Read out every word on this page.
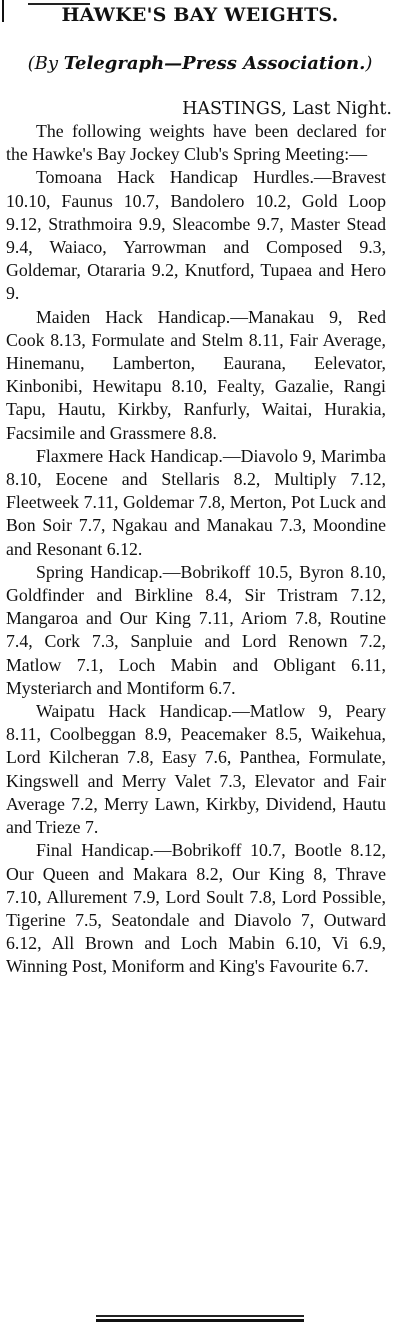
HAWKE'S BAY WEIGHTS.
(By Telegraph—Press Association.)
HASTINGS, Last Night.

The following weights have been declared for the Hawke's Bay Jockey Club's Spring Meeting:—

Tomoana Hack Handicap Hurdles.—Bravest 10.10, Faunus 10.7, Bandolero 10.2, Gold Loop 9.12, Strathmoira 9.9, Sleacombe 9.7, Master Stead 9.4, Waiaco, Yarrowman and Composed 9.3, Goldemar, Otararia 9.2, Knutford, Tupaea and Hero 9.

Maiden Hack Handicap.—Manakau 9, Red Cook 8.13, Formulate and Stelm 8.11, Fair Average, Hinemanu, Lamberton, Eaurana, Eelevator, Kinbonibi, Hewitapu 8.10, Fealty, Gazalie, Rangi Tapu, Hautu, Kirkby, Ranfurly, Waitai, Hurakia, Facsimile and Grassmere 8.8.

Flaxmere Hack Handicap.—Diavolo 9, Marimba 8.10, Eocene and Stellaris 8.2, Multiply 7.12, Fleetweek 7.11, Goldemar 7.8, Merton, Pot Luck and Bon Soir 7.7, Ngakau and Manakau 7.3, Moondine and Resonant 6.12.

Spring Handicap.—Bobrikoff 10.5, Byron 8.10, Goldfinder and Birkline 8.4, Sir Tristram 7.12, Mangaroa and Our King 7.11, Ariom 7.8, Routine 7.4, Cork 7.3, Sanpluie and Lord Renown 7.2, Matlow 7.1, Loch Mabin and Obligant 6.11, Mysteriarch and Montiform 6.7.

Waipatu Hack Handicap.—Matlow 9, Peary 8.11, Coolbeggan 8.9, Peacemaker 8.5, Waikehua, Lord Kilcheran 7.8, Easy 7.6, Panthea, Formulate, Kingswell and Merry Valet 7.3, Elevator and Fair Average 7.2, Merry Lawn, Kirkby, Dividend, Hautu and Trieze 7.

Final Handicap.—Bobrikoff 10.7, Bootle 8.12, Our Queen and Makara 8.2, Our King 8, Thrave 7.10, Allurement 7.9, Lord Soult 7.8, Lord Possible, Tigerine 7.5, Seatondale and Diavolo 7, Outward 6.12, All Brown and Loch Mabin 6.10, Vi 6.9, Winning Post, Moniform and King's Favourite 6.7.
